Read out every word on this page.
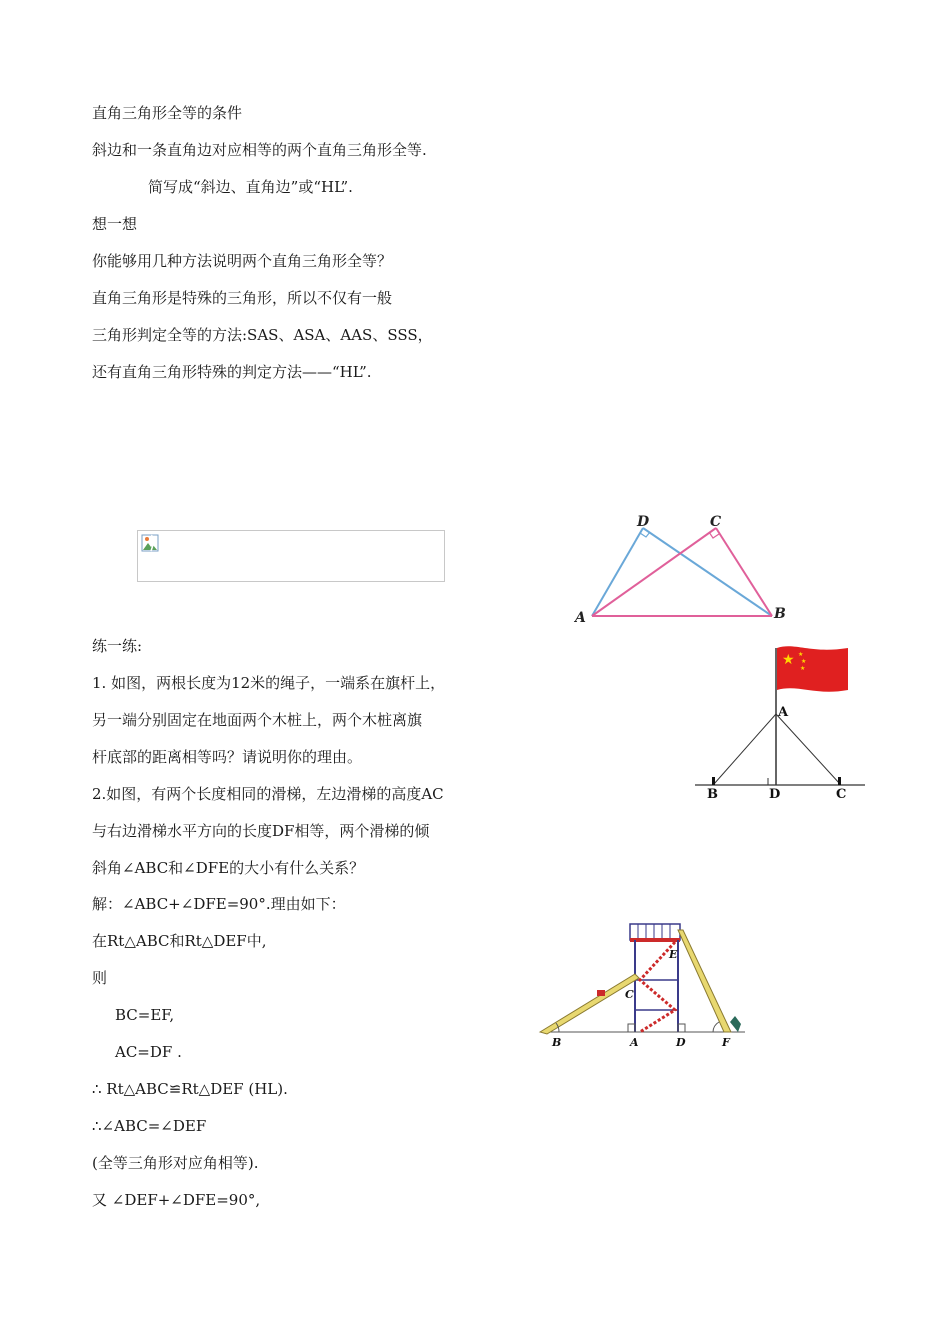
直角三角形全等的条件
斜边和一条直角边对应相等的两个直角三角形全等.
简写成“斜边、直角边”或“HL”.
想一想
你能够用几种方法说明两个直角三角形全等？
直角三角形是特殊的三角形，所以不仅有一般
三角形判定全等的方法:SAS、ASA、AAS、SSS，
还有直角三角形特殊的判定方法——“HL”.
D	C
A	B
练一练:
1. 如图，两根长度为12米的绳子，一端系在旗杆上，
另一端分别固定在地面两个木桩上，两个木桩离旗
杆底部的距离相等吗？请说明你的理由。
2.如图，有两个长度相同的滑梯，左边滑梯的高度AC
与右边滑梯水平方向的长度DF相等，两个滑梯的倾
斜角∠ABC和∠DFE的大小有什么关系？
★ ★
★
★
A
B	D	C
解：∠ABC+∠DFE=90°.理由如下：
在Rt△ABC和Rt△DEF中,
则
BC=EF,
AC=DF .
∴ Rt△ABC≌Rt△DEF (HL).
∴∠ABC=∠DEF
(全等三角形对应角相等).
又 ∠DEF+∠DFE=90°,
E
C
B	A	D	F
